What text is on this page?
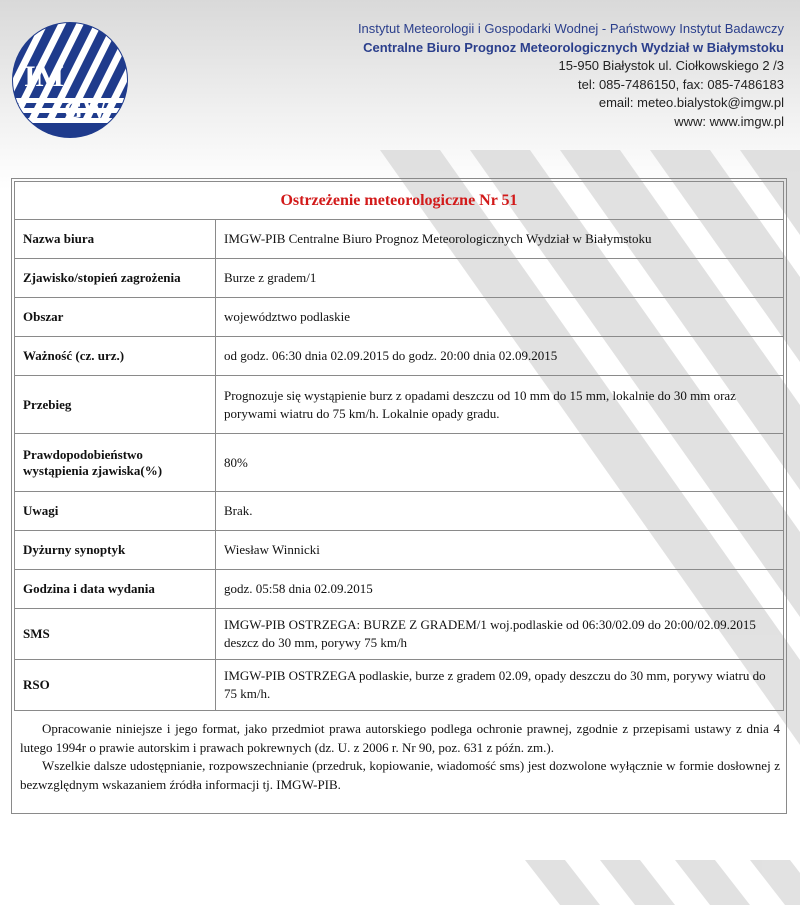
IM
GW
Instytut Meteorologii i Gospodarki Wodnej - Państwowy Instytut Badawczy
Centralne Biuro Prognoz Meteorologicznych Wydział w Białymstoku
15-950 Białystok ul. Ciołkowskiego 2 /3
tel: 085-7486150, fax: 085-7486183
email: meteo.bialystok@imgw.pl
www: www.imgw.pl
Ostrzeżenie meteorologiczne Nr 51	
Nazwa biura	IMGW-PIB Centralne Biuro Prognoz Meteorologicznych Wydział w Białymstoku
Zjawisko/stopień zagrożenia	Burze z gradem/1
Obszar	województwo podlaskie
Ważność (cz. urz.)	od godz. 06:30 dnia 02.09.2015 do godz. 20:00 dnia 02.09.2015
Przebieg	Prognozuje się wystąpienie burz z opadami deszczu od 10 mm do 15 mm, lokalnie do 30 mm oraz porywami wiatru do 75 km/h. Lokalnie opady gradu.
Prawdopodobieństwo wystąpienia zjawiska(%)	80%
Uwagi	Brak.
Dyżurny synoptyk	Wiesław Winnicki
Godzina i data wydania	godz. 05:58 dnia 02.09.2015
SMS	IMGW-PIB OSTRZEGA: BURZE Z GRADEM/1 woj.podlaskie od 06:30/02.09 do 20:00/02.09.2015 deszcz do 30 mm, porywy 75 km/h
RSO	IMGW-PIB OSTRZEGA podlaskie, burze z gradem 02.09, opady deszczu do 30 mm, porywy wiatru do 75 km/h.

Opracowanie niniejsze i jego format, jako przedmiot prawa autorskiego podlega ochronie prawnej, zgodnie z przepisami ustawy z dnia 4 lutego 1994r o prawie autorskim i prawach pokrewnych (dz. U. z 2006 r. Nr 90, poz. 631 z późn. zm.).

Wszelkie dalsze udostępnianie, rozpowszechnianie (przedruk, kopiowanie, wiadomość sms) jest dozwolone wyłącznie w formie dosłownej z bezwzględnym wskazaniem źródła informacji tj. IMGW-PIB.
